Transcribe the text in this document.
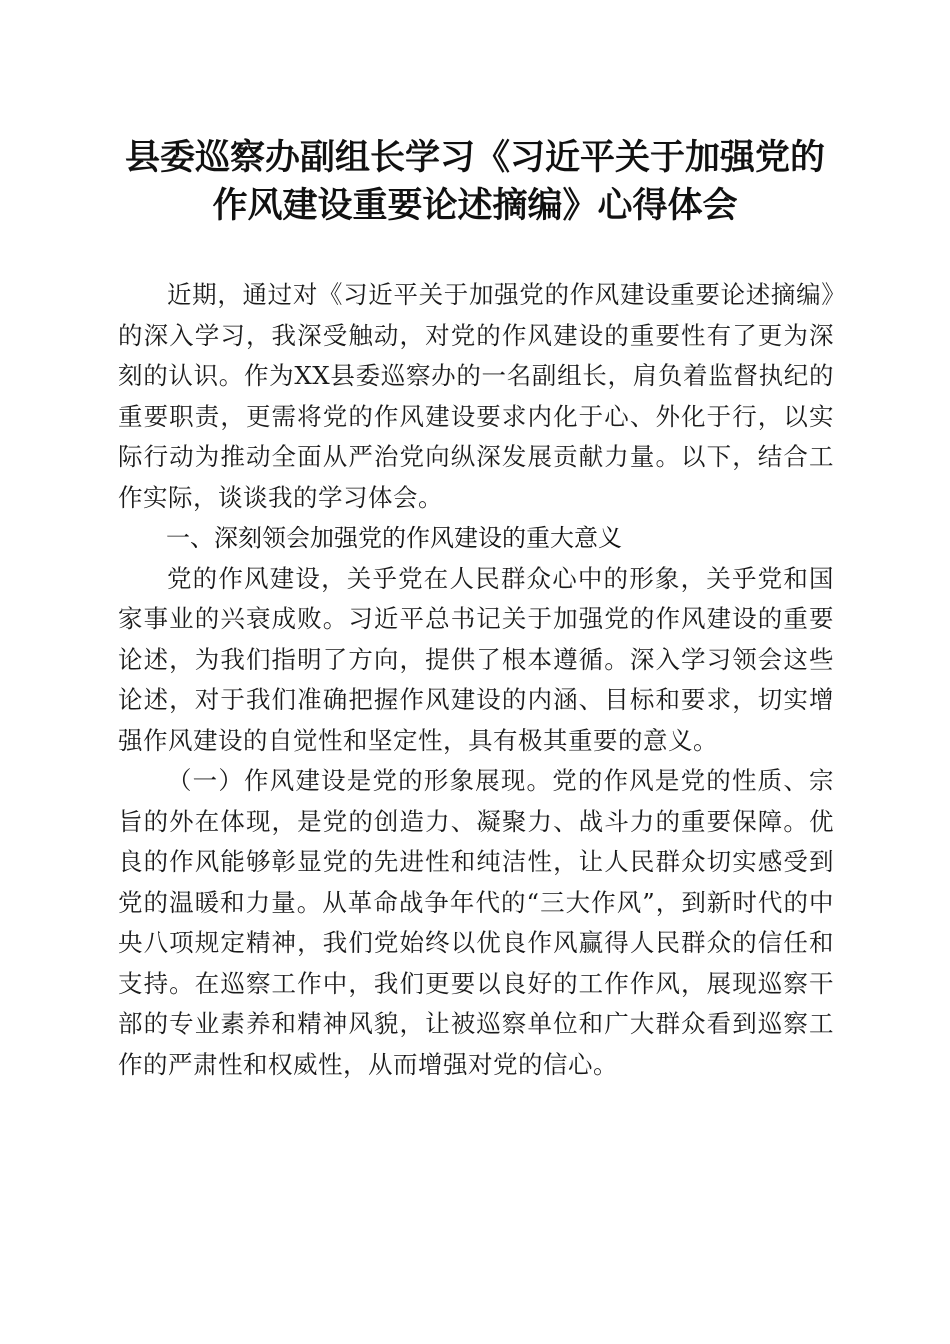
县委巡察办副组长学习《习近平关于加强党的
作风建设重要论述摘编》心得体会

近期，通过对《习近平关于加强党的作风建设重要论述摘编》的深入学习，我深受触动，对党的作风建设的重要性有了更为深刻的认识。作为XX县委巡察办的一名副组长，肩负着监督执纪的重要职责，更需将党的作风建设要求内化于心、外化于行，以实际行动为推动全面从严治党向纵深发展贡献力量。以下，结合工作实际，谈谈我的学习体会。

一、深刻领会加强党的作风建设的重大意义

党的作风建设，关乎党在人民群众心中的形象，关乎党和国家事业的兴衰成败。习近平总书记关于加强党的作风建设的重要论述，为我们指明了方向，提供了根本遵循。深入学习领会这些论述，对于我们准确把握作风建设的内涵、目标和要求，切实增强作风建设的自觉性和坚定性，具有极其重要的意义。

（一）作风建设是党的形象展现。党的作风是党的性质、宗旨的外在体现，是党的创造力、凝聚力、战斗力的重要保障。优良的作风能够彰显党的先进性和纯洁性，让人民群众切实感受到党的温暖和力量。从革命战争年代的“三大作风”，到新时代的中央八项规定精神，我们党始终以优良作风赢得人民群众的信任和支持。在巡察工作中，我们更要以良好的工作作风，展现巡察干部的专业素养和精神风貌，让被巡察单位和广大群众看到巡察工作的严肃性和权威性，从而增强对党的信心。
